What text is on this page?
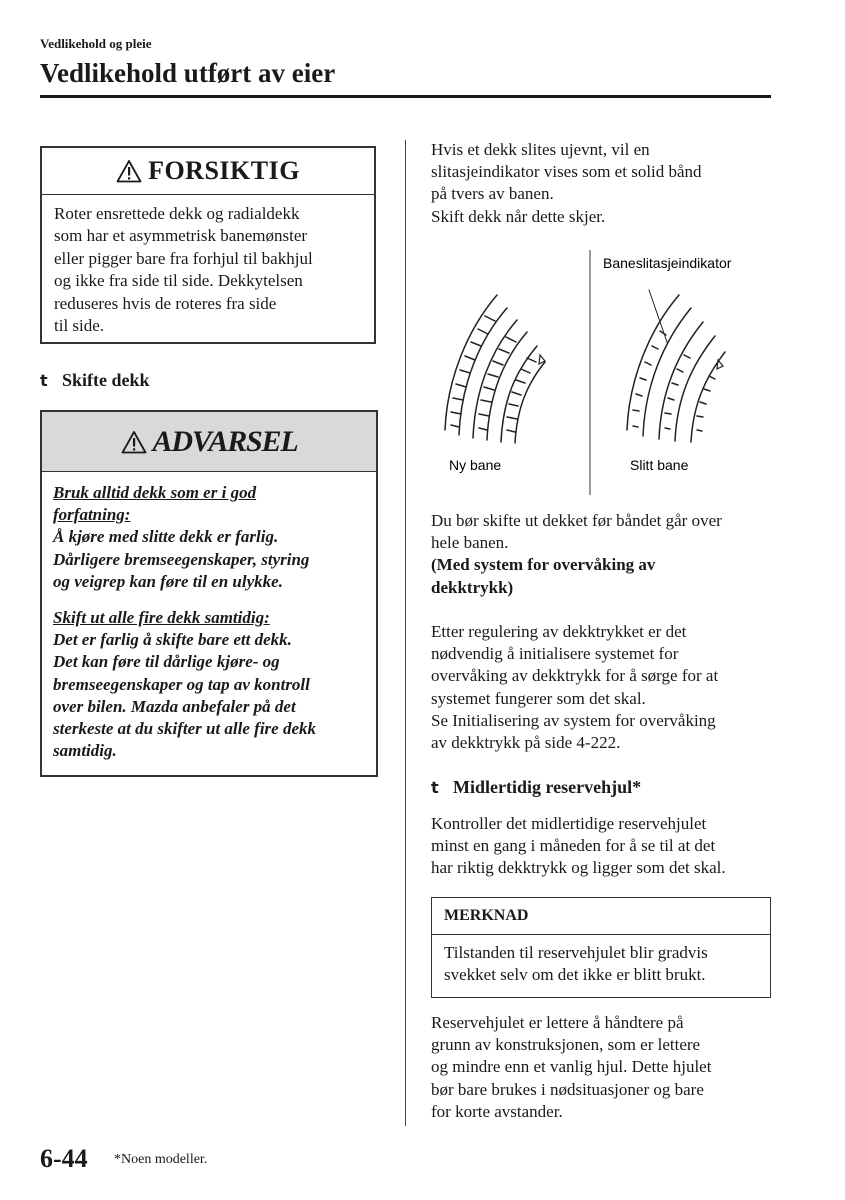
Vedlikehold og pleie
Vedlikehold utført av eier
FORSIKTIG
Roter ensrettede dekk og radialdekk
som har et asymmetrisk banemønster
eller pigger bare fra forhjul til bakhjul
og ikke fra side til side. Dekkytelsen
reduseres hvis de roteres fra side
til side.
t Skifte dekk
ADVARSEL
Bruk alltid dekk som er i god
forfatning:
Å kjøre med slitte dekk er farlig.
Dårligere bremseegenskaper, styring
og veigrep kan føre til en ulykke.
Skift ut alle fire dekk samtidig:
Det er farlig å skifte bare ett dekk.
Det kan føre til dårlige kjøre- og
bremseegenskaper og tap av kontroll
over bilen. Mazda anbefaler på det
sterkeste at du skifter ut alle fire dekk
samtidig.
Hvis et dekk slites ujevnt, vil en
slitasjeindikator vises som et solid bånd
på tvers av banen.
Skift dekk når dette skjer.
Baneslitasjeindikator
Ny bane	Slitt bane
Du bør skifte ut dekket før båndet går over
hele banen.
(Med system for overvåking av
dekktrykk)
Etter regulering av dekktrykket er det
nødvendig å initialisere systemet for
overvåking av dekktrykk for å sørge for at
systemet fungerer som det skal.
Se Initialisering av system for overvåking
av dekktrykk på side 4-222.
t Midlertidig reservehjul*
Kontroller det midlertidige reservehjulet
minst en gang i måneden for å se til at det
har riktig dekktrykk og ligger som det skal.
MERKNAD
Tilstanden til reservehjulet blir gradvis
svekket selv om det ikke er blitt brukt.
Reservehjulet er lettere å håndtere på
grunn av konstruksjonen, som er lettere
og mindre enn et vanlig hjul. Dette hjulet
bør bare brukes i nødsituasjoner og bare
for korte avstander.
6-44 *Noen modeller.
